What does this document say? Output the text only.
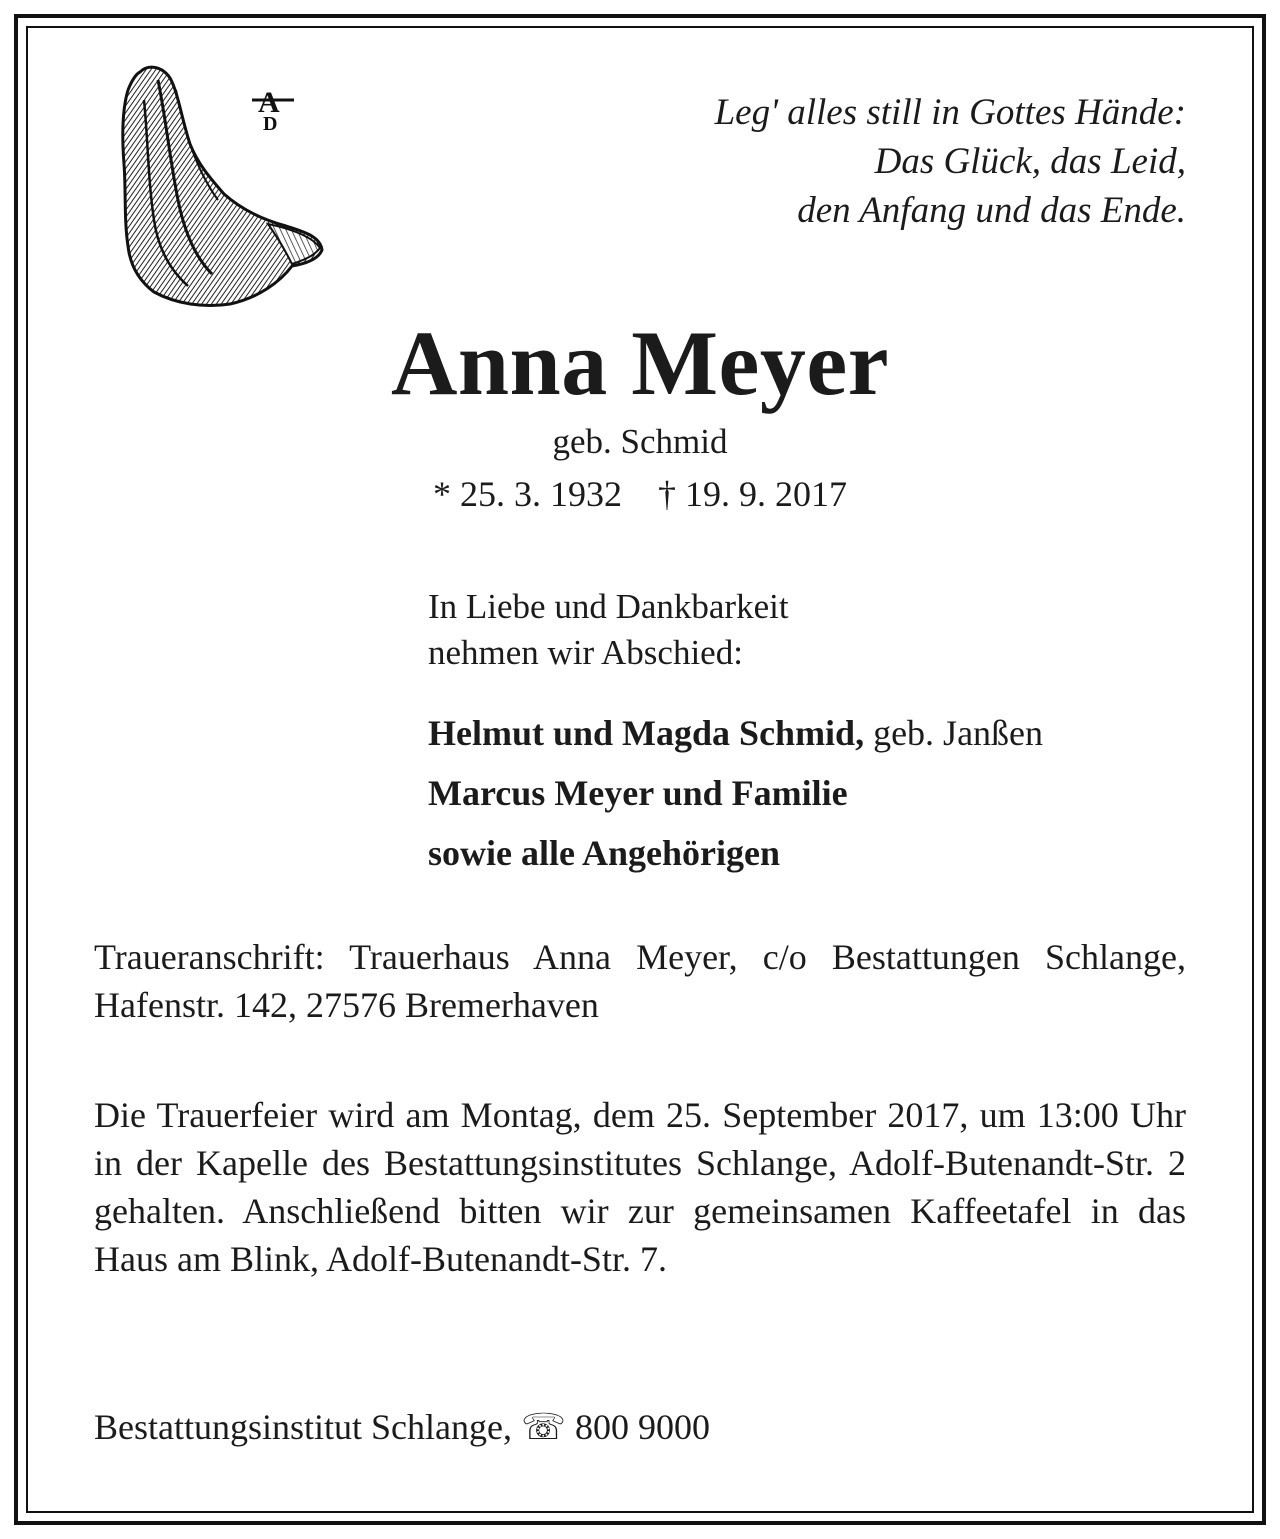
A
D	Leg' alles still in Gottes Hände:
Das Glück, das Leid,
den Anfang und das Ende.
Anna Meyer
geb. Schmid
* 25. 3. 1932    † 19. 9. 2017
In Liebe und Dankbarkeit
nehmen wir Abschied:
Helmut und Magda Schmid, geb. Janßen
Marcus Meyer und Familie
sowie alle Angehörigen
Traueranschrift: Trauerhaus Anna Meyer, c/o Bestattungen Schlange, Hafenstr. 142, 27576 Bremerhaven
Die Trauerfeier wird am Montag, dem 25. September 2017, um 13:00 Uhr in der Kapelle des Bestattungsinstitutes Schlange, Adolf-Butenandt-Str. 2 gehalten. Anschließend bitten wir zur gemeinsamen Kaffeetafel in das Haus am Blink, Adolf-Butenandt-Str. 7.
Bestattungsinstitut Schlange, ☏ 800 9000
